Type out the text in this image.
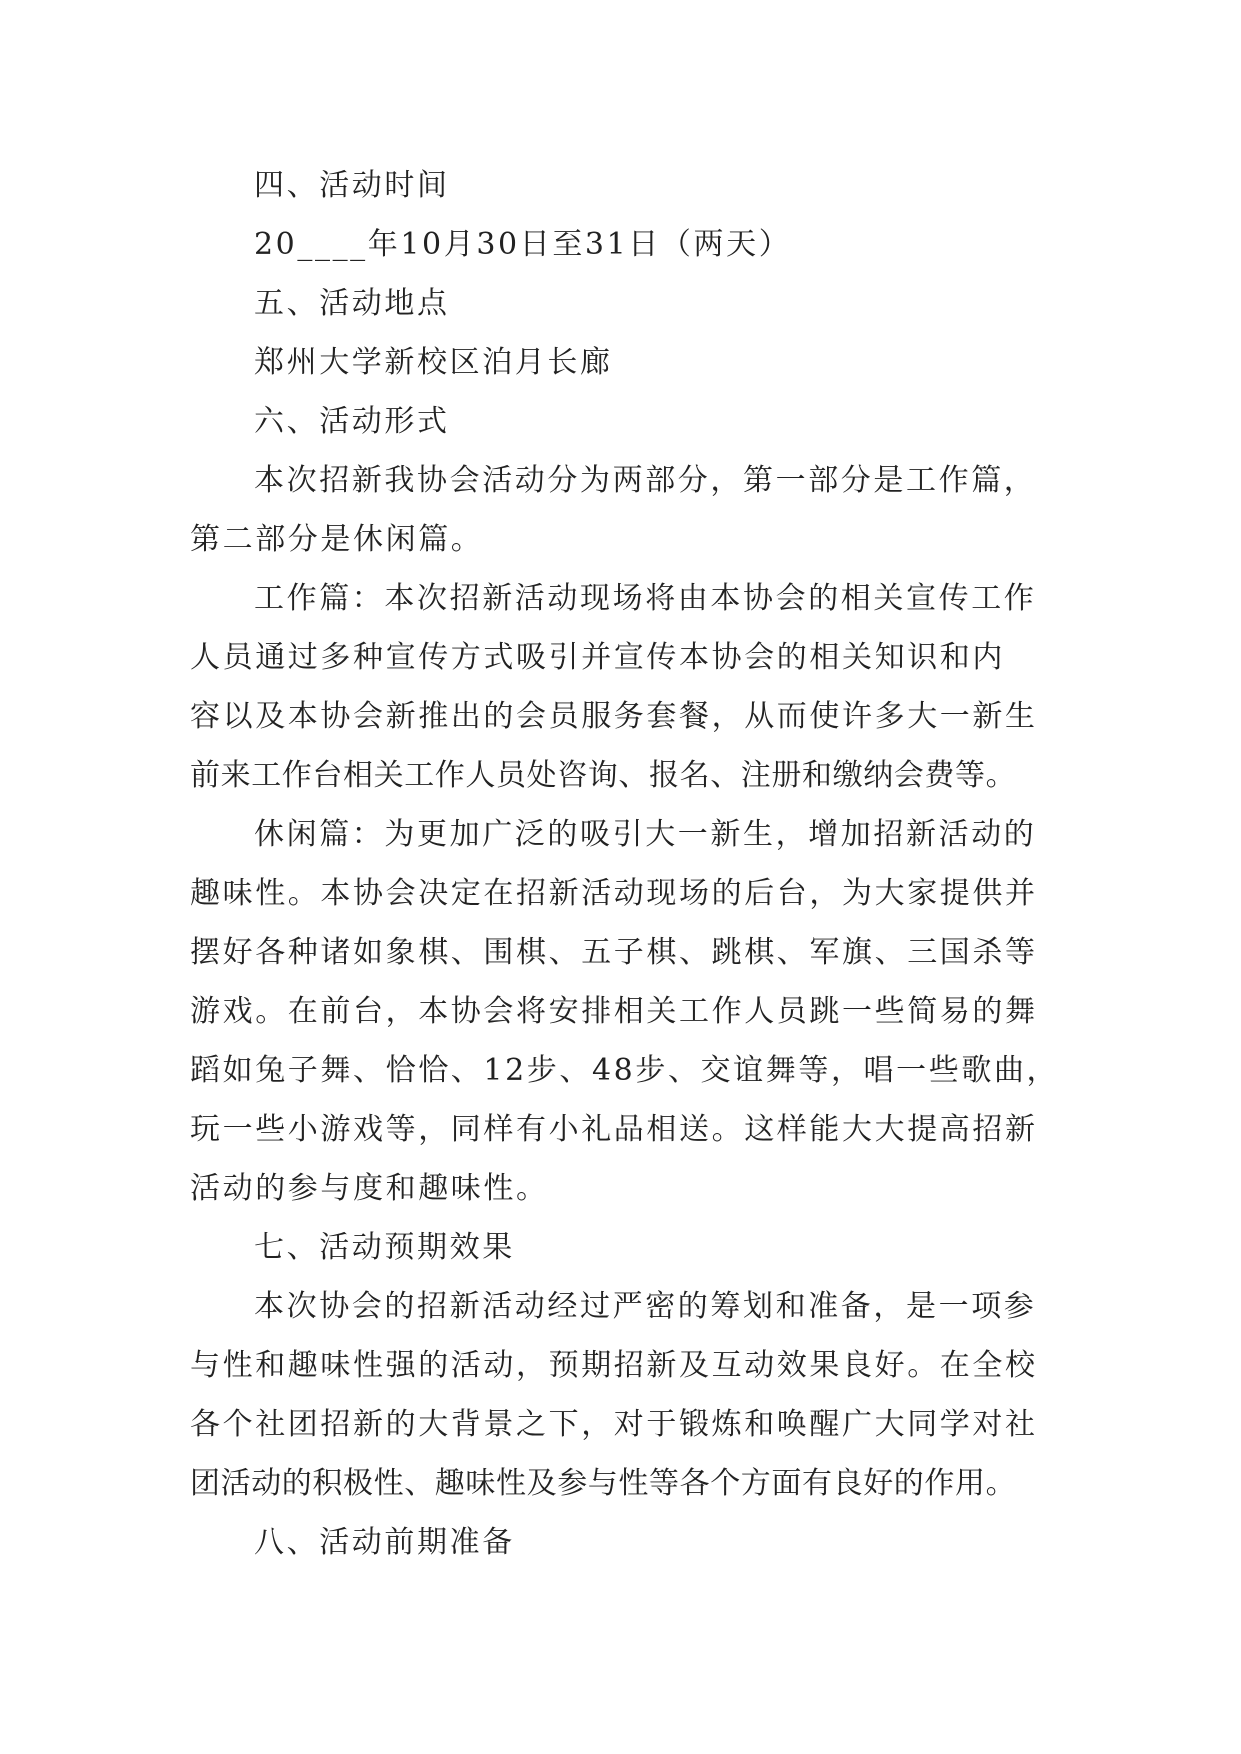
四、活动时间
20____年10月30日至31日（两天）
五、活动地点
郑州大学新校区泊月长廊
六、活动形式
本次招新我协会活动分为两部分，第一部分是工作篇，
第二部分是休闲篇。
工作篇：本次招新活动现场将由本协会的相关宣传工作
人员通过多种宣传方式吸引并宣传本协会的相关知识和内
容以及本协会新推出的会员服务套餐，从而使许多大一新生
前来工作台相关工作人员处咨询、报名、注册和缴纳会费等。
休闲篇：为更加广泛的吸引大一新生，增加招新活动的
趣味性。本协会决定在招新活动现场的后台，为大家提供并
摆好各种诸如象棋、围棋、五子棋、跳棋、军旗、三国杀等
游戏。在前台，本协会将安排相关工作人员跳一些简易的舞
蹈如兔子舞、恰恰、12步、48步、交谊舞等，唱一些歌曲，
玩一些小游戏等，同样有小礼品相送。这样能大大提高招新
活动的参与度和趣味性。
七、活动预期效果
本次协会的招新活动经过严密的筹划和准备，是一项参
与性和趣味性强的活动，预期招新及互动效果良好。在全校
各个社团招新的大背景之下，对于锻炼和唤醒广大同学对社
团活动的积极性、趣味性及参与性等各个方面有良好的作用。
八、活动前期准备
